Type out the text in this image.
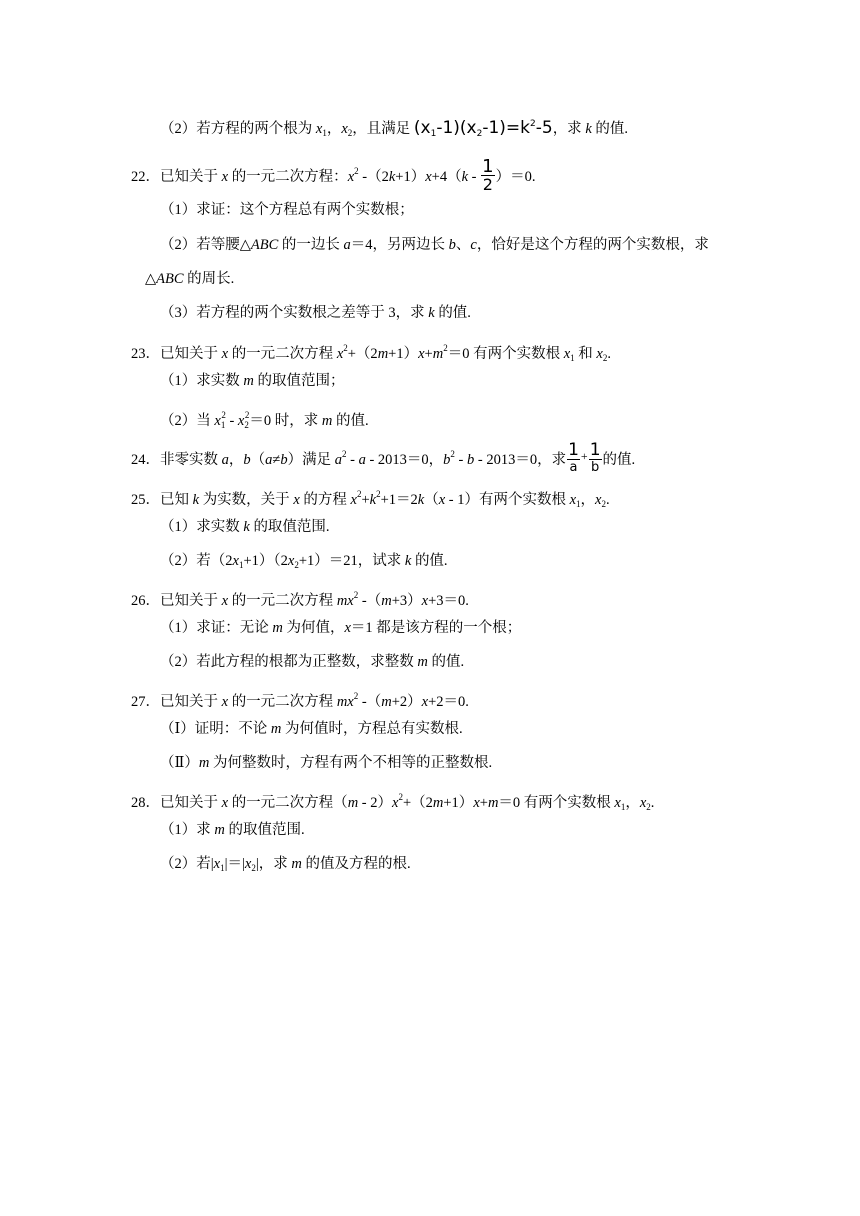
（2）若方程的两个根为 $x_1$，$x_2$，且满足 $(x_1-1)(x_2-1)=k^2-5$，求 k 的值.
22．已知关于 x 的一元二次方程：$x^2$ $-(2k+1)x+4(k - \frac{1}{2} )=0$.
（1）求证：这个方程总有两个实数根；
（2）若等腰△ABC 的一边长 a＝4，另两边长 b、c，恰好是这个方程的两个实数根，求
△ABC 的周长.
（3）若方程的两个实数根之差等于 3，求 k 的值.
23．已知关于 x 的一元二次方程 $x^2+(2m+1)x+m^2=0$ 有两个实数根 $x_1$ 和 $x_2$.
（1）求实数 m 的取值范围；
（2）当 $x_1^2 - x_2^2=0$ 时，求 m 的值.
24．非零实数 a，b（a≠b）满足 $a^2 - a - 2013=0$，$b^2 - b - 2013=0$，求 $\frac{1}{a} ^+ \frac{1}{b}$ 的值.
25．已知 k 为实数，关于 x 的方程 $x^2+k^2+1=2k(x - 1)$有两个实数根 $x_1$，$x_2$.
（1）求实数 k 的取值范围.
（2）若$(2x_1+1)(2x_2+1)=21$，试求 k 的值.
26．已知关于 x 的一元二次方程 $mx^2$ -（m+3）x+3＝0.
（1）求证：无论 m 为何值，x＝1 都是该方程的一个根；
（2）若此方程的根都为正整数，求整数 m 的值.
27．已知关于 x 的一元二次方程 $mx^2$ -（m+2）x+2＝0.
（Ⅰ）证明：不论 m 为何值时，方程总有实数根.
（Ⅱ）m 为何整数时，方程有两个不相等的正整数根.
28．已知关于 x 的一元二次方程$(m - 2)x^2+(2m+1)x+m=0$ 有两个实数根 $x_1$，$x_2$.
（1）求 m 的取值范围.
（2）若$|x_1|=|x_2|$，求 m 的值及方程的根.
